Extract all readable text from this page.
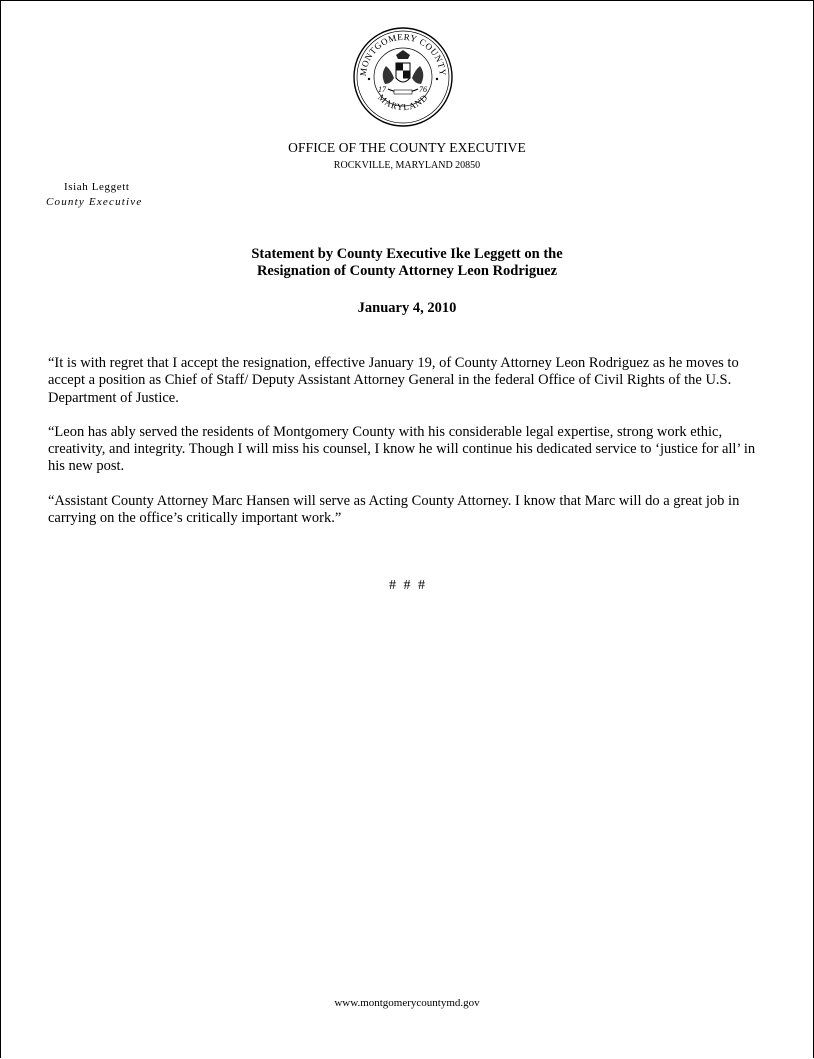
MONTGOMERY COUNTY
MARYLAND
17	76
OFFICE OF THE COUNTY EXECUTIVE
ROCKVILLE, MARYLAND 20850
Isiah Leggett
County Executive
Statement by County Executive Ike Leggett on the
Resignation of County Attorney Leon Rodriguez
January 4, 2010

“It is with regret that I accept the resignation, effective January 19, of County Attorney Leon Rodriguez as he moves to accept a position as Chief of Staff/ Deputy Assistant Attorney General in the federal Office of Civil Rights of the U.S. Department of Justice.

“Leon has ably served the residents of Montgomery County with his considerable legal expertise, strong work ethic, creativity, and integrity. Though I will miss his counsel, I know he will continue his dedicated service to ‘justice for all’ in his new post.

“Assistant County Attorney Marc Hansen will serve as Acting County Attorney. I know that Marc will do a great job in carrying on the office’s critically important work.”

# # #
www.montgomerycountymd.gov
